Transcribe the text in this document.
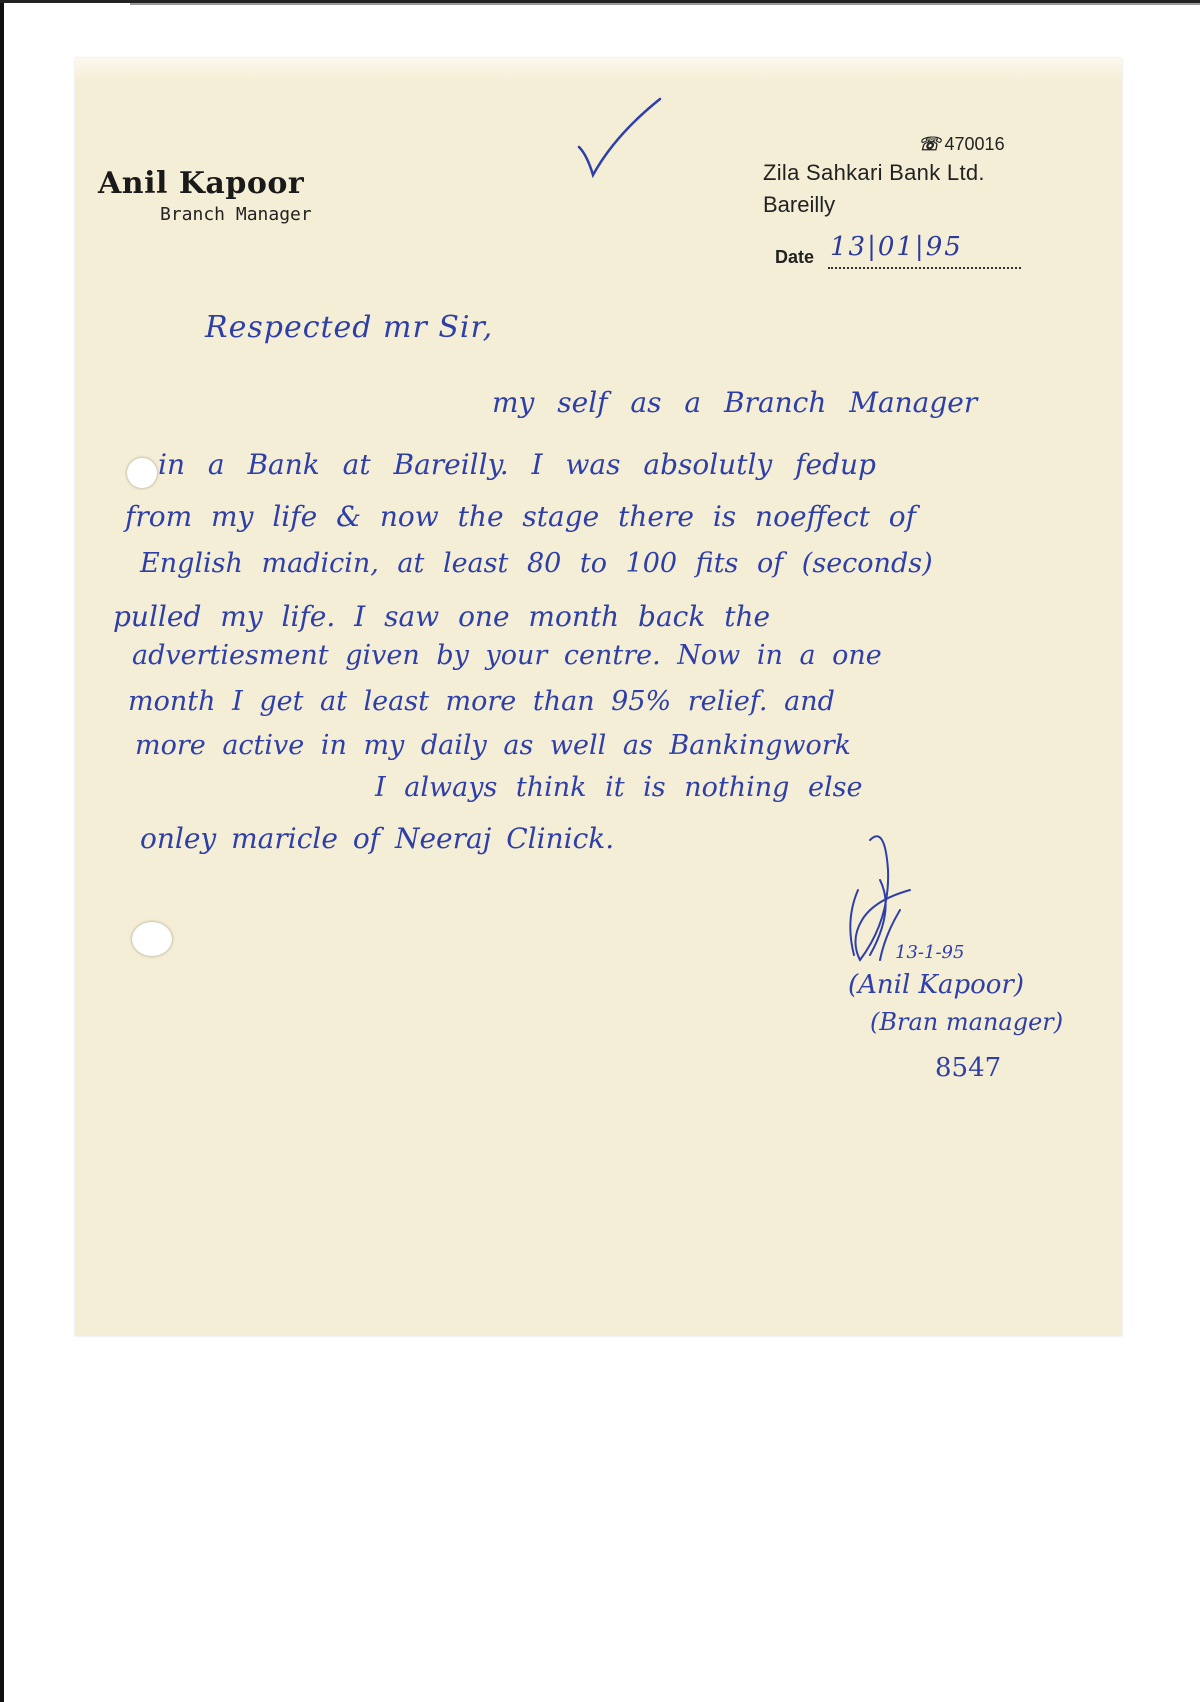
Anil Kapoor
Branch Manager
☏ 470016
Zila Sahkari Bank Ltd.
Bareilly
Date 13|01|95
Respected mr Sir,
my self as a Branch Manager
in a Bank at Bareilly. I was absolutly fedup
from my life & now the stage there is noeffect of
English madicin, at least 80 to 100 fits of (seconds)
pulled my life. I saw one month back the
advertiesment given by your centre. Now in a one
month I get at least more than 95% relief. and
more active in my daily as well as Bankingwork
I always think it is nothing else
onley maricle of Neeraj Clinick.
13-1-95
(Anil Kapoor)
(Bran manager)
8547
